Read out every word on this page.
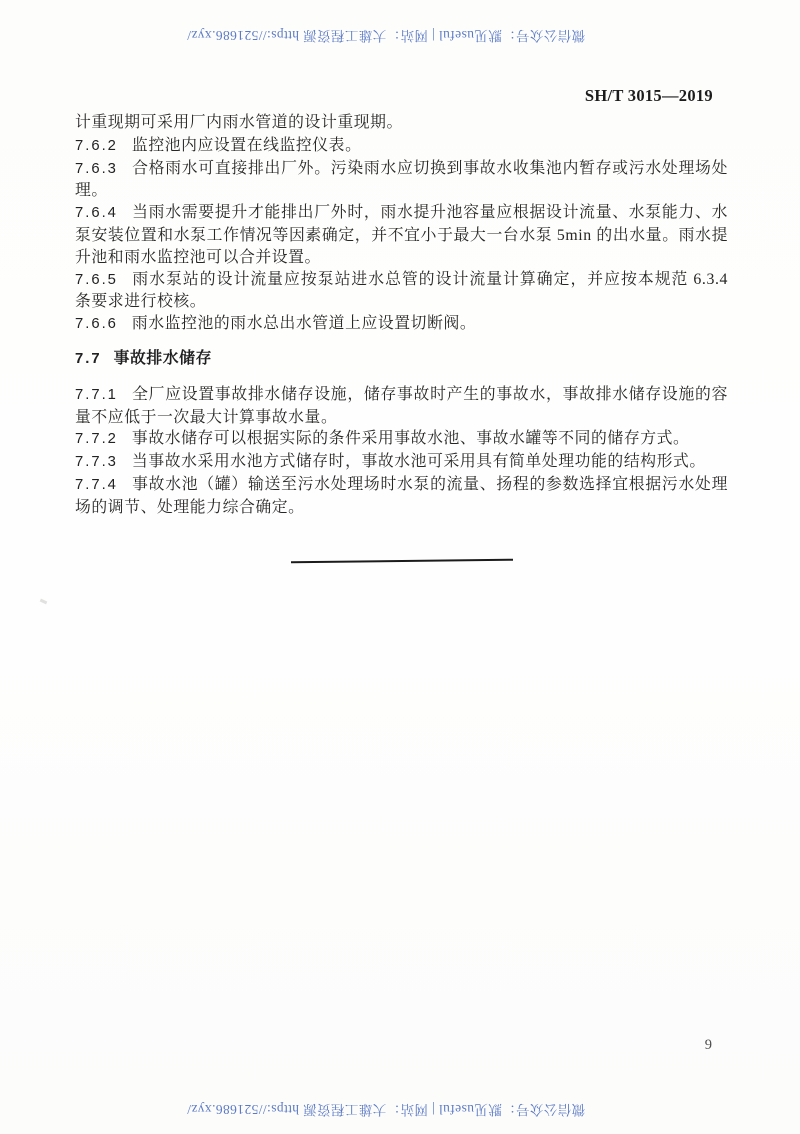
微信公众号：默见useful | 网站：大雄工程资源 https://521686.xyz/
SH/T 3015—2019

计重现期可采用厂内雨水管道的设计重现期。

7.6.2 监控池内应设置在线监控仪表。

7.6.3 合格雨水可直接排出厂外。污染雨水应切换到事故水收集池内暂存或污水处理场处理。

7.6.4 当雨水需要提升才能排出厂外时，雨水提升池容量应根据设计流量、水泵能力、水泵安装位置和水泵工作情况等因素确定，并不宜小于最大一台水泵 5min 的出水量。雨水提升池和雨水监控池可以合并设置。

7.6.5 雨水泵站的设计流量应按泵站进水总管的设计流量计算确定，并应按本规范 6.3.4 条要求进行校核。

7.6.6 雨水监控池的雨水总出水管道上应设置切断阀。

7.7 事故排水储存

7.7.1 全厂应设置事故排水储存设施，储存事故时产生的事故水，事故排水储存设施的容量不应低于一次最大计算事故水量。

7.7.2 事故水储存可以根据实际的条件采用事故水池、事故水罐等不同的储存方式。

7.7.3 当事故水采用水池方式储存时，事故水池可采用具有简单处理功能的结构形式。

7.7.4 事故水池（罐）输送至污水处理场时水泵的流量、扬程的参数选择宜根据污水处理场的调节、处理能力综合确定。

9
微信公众号：默见useful | 网站：大雄工程资源 https://521686.xyz/
